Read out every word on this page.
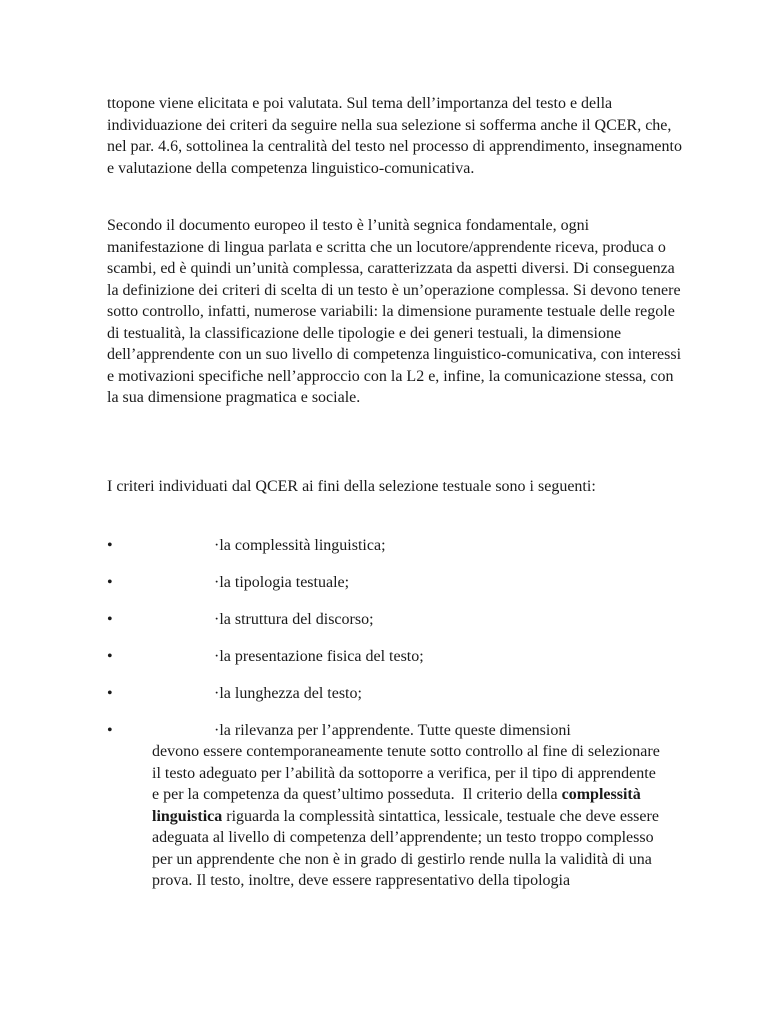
ttopone viene elicitata e poi valutata. Sul tema dell’importanza del testo e della individuazione dei criteri da seguire nella sua selezione si sofferma anche il QCER, che, nel par. 4.6, sottolinea la centralità del testo nel processo di apprendimento, insegnamento e valutazione della competenza linguistico-comunicativa.

Secondo il documento europeo il testo è l’unità segnica fondamentale, ogni manifestazione di lingua parlata e scritta che un locutore/apprendente riceva, produca o scambi, ed è quindi un’unità complessa, caratterizzata da aspetti diversi. Di conseguenza la definizione dei criteri di scelta di un testo è un’operazione complessa. Si devono tenere sotto controllo, infatti, numerose variabili: la dimensione puramente testuale delle regole di testualità, la classificazione delle tipologie e dei generi testuali, la dimensione dell’apprendente con un suo livello di competenza linguistico-comunicativa, con interessi e motivazioni specifiche nell’approccio con la L2 e, infine, la comunicazione stessa, con la sua dimensione pragmatica e sociale.

I criteri individuati dal QCER ai fini della selezione testuale sono i seguenti:

•	·la complessità linguistica;
•	·la tipologia testuale;
•	·la struttura del discorso;
•	·la presentazione fisica del testo;
•	·la lunghezza del testo;
•	·la rilevanza per l’apprendente. Tutte queste dimensioni

devono essere contemporaneamente tenute sotto controllo al fine di selezionare il testo adeguato per l’abilità da sottoporre a verifica, per il tipo di apprendente e per la competenza da quest’ultimo posseduta.  Il criterio della complessità linguistica riguarda la complessità sintattica, lessicale, testuale che deve essere adeguata al livello di competenza dell’apprendente; un testo troppo complesso per un apprendente che non è in grado di gestirlo rende nulla la validità di una prova. Il testo, inoltre, deve essere rappresentativo della tipologia
